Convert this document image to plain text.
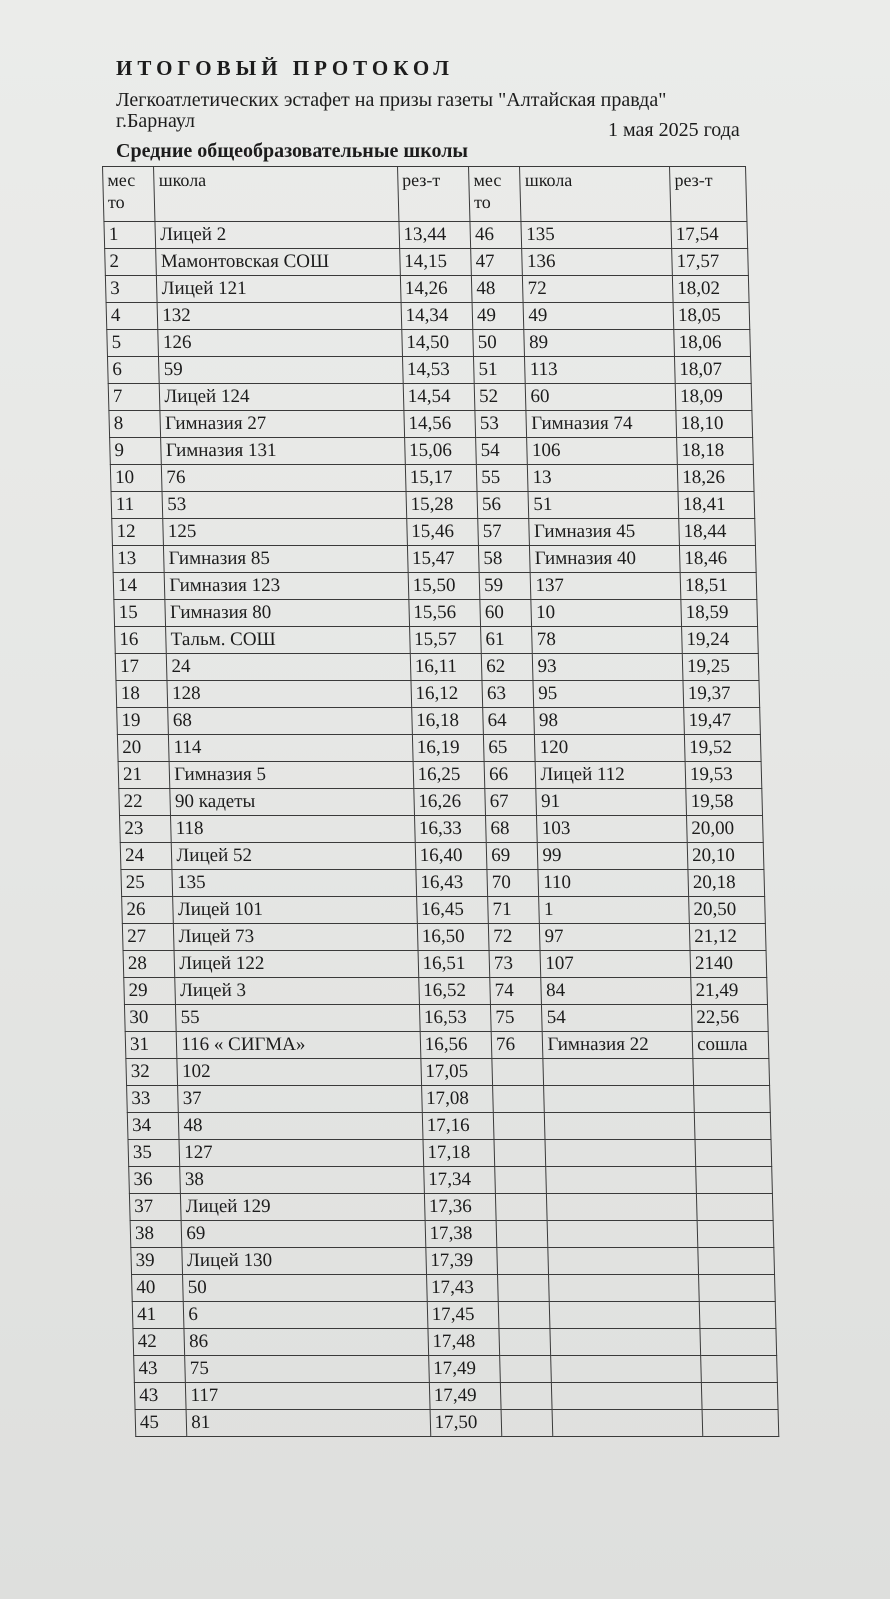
ИТОГОВЫЙ ПРОТОКОЛ
Легкоатлетических эстафет на призы газеты "Алтайская правда"
г.Барнаул	1 мая 2025 года
Средние общеобразовательные школы
мес то	школа	рез-т	мес то	школа	рез-т
1	Лицей 2	13,44	46	135	17,54
2	Мамонтовская СОШ	14,15	47	136	17,57
3	Лицей 121	14,26	48	72	18,02
4	132	14,34	49	49	18,05
5	126	14,50	50	89	18,06
6	59	14,53	51	113	18,07
7	Лицей 124	14,54	52	60	18,09
8	Гимназия 27	14,56	53	Гимназия 74	18,10
9	Гимназия 131	15,06	54	106	18,18
10	76	15,17	55	13	18,26
11	53	15,28	56	51	18,41
12	125	15,46	57	Гимназия 45	18,44
13	Гимназия 85	15,47	58	Гимназия 40	18,46
14	Гимназия 123	15,50	59	137	18,51
15	Гимназия 80	15,56	60	10	18,59
16	Тальм. СОШ	15,57	61	78	19,24
17	24	16,11	62	93	19,25
18	128	16,12	63	95	19,37
19	68	16,18	64	98	19,47
20	114	16,19	65	120	19,52
21	Гимназия 5	16,25	66	Лицей 112	19,53
22	90 кадеты	16,26	67	91	19,58
23	118	16,33	68	103	20,00
24	Лицей 52	16,40	69	99	20,10
25	135	16,43	70	110	20,18
26	Лицей 101	16,45	71	1	20,50
27	Лицей 73	16,50	72	97	21,12
28	Лицей 122	16,51	73	107	2140
29	Лицей 3	16,52	74	84	21,49
30	55	16,53	75	54	22,56
31	116 « СИГМА»	16,56	76	Гимназия 22	сошла
32	102	17,05			
33	37	17,08			
34	48	17,16			
35	127	17,18			
36	38	17,34			
37	Лицей 129	17,36			
38	69	17,38			
39	Лицей 130	17,39			
40	50	17,43			
41	6	17,45			
42	86	17,48			
43	75	17,49			
43	117	17,49			
45	81	17,50			
